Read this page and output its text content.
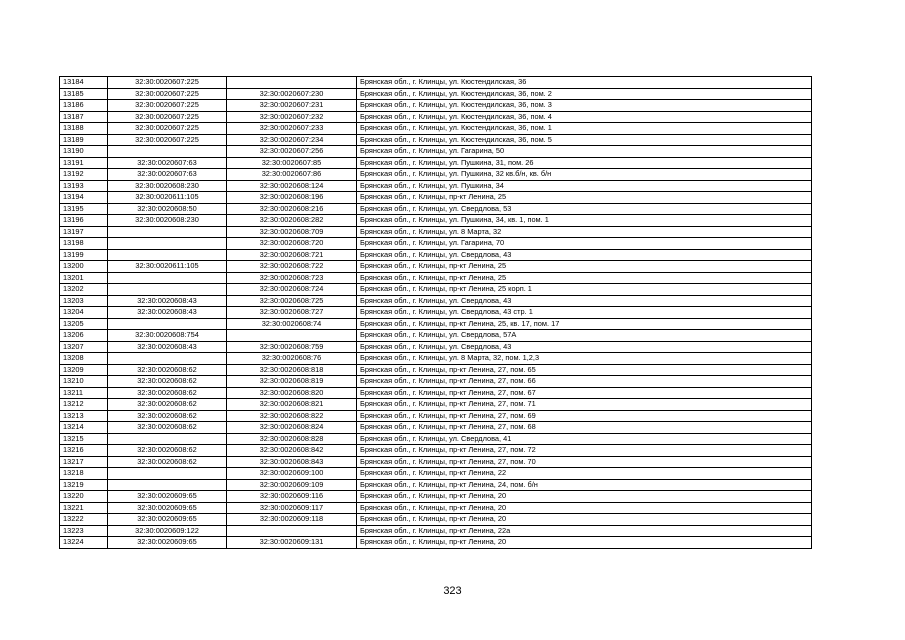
13184	32:30:0020607:225		Брянская обл., г. Клинцы, ул. Кюстендилская, 36
13185	32:30:0020607:225	32:30:0020607:230	Брянская обл., г. Клинцы, ул. Кюстендилская, 36, пом. 2
13186	32:30:0020607:225	32:30:0020607:231	Брянская обл., г. Клинцы, ул. Кюстендилская, 36, пом. 3
13187	32:30:0020607:225	32:30:0020607:232	Брянская обл., г. Клинцы, ул. Кюстендилская, 36, пом. 4
13188	32:30:0020607:225	32:30:0020607:233	Брянская обл., г. Клинцы, ул. Кюстендилская, 36, пом. 1
13189	32:30:0020607:225	32:30:0020607:234	Брянская обл., г. Клинцы, ул. Кюстендилская, 36, пом. 5
13190		32:30:0020607:256	Брянская обл., г. Клинцы, ул. Гагарина, 50
13191	32:30:0020607:63	32:30:0020607:85	Брянская обл., г. Клинцы, ул. Пушкина, 31, пом. 26
13192	32:30:0020607:63	32:30:0020607:86	Брянская обл., г. Клинцы, ул. Пушкина, 32 кв.б/н, кв. б/н
13193	32:30:0020608:230	32:30:0020608:124	Брянская обл., г. Клинцы, ул. Пушкина, 34
13194	32:30:0020611:105	32:30:0020608:196	Брянская обл., г. Клинцы, пр-кт Ленина, 25
13195	32:30:0020608:50	32:30:0020608:216	Брянская обл., г. Клинцы, ул. Свердлова, 53
13196	32:30:0020608:230	32:30:0020608:282	Брянская обл., г. Клинцы, ул. Пушкина, 34, кв. 1, пом. 1
13197		32:30:0020608:709	Брянская обл., г. Клинцы, ул. 8 Марта, 32
13198		32:30:0020608:720	Брянская обл., г. Клинцы, ул. Гагарина, 70
13199		32:30:0020608:721	Брянская обл., г. Клинцы, ул. Свердлова, 43
13200	32:30:0020611:105	32:30:0020608:722	Брянская обл., г. Клинцы, пр-кт Ленина, 25
13201		32:30:0020608:723	Брянская обл., г. Клинцы, пр-кт Ленина, 25
13202		32:30:0020608:724	Брянская обл., г. Клинцы, пр-кт Ленина, 25 корп. 1
13203	32:30:0020608:43	32:30:0020608:725	Брянская обл., г. Клинцы, ул. Свердлова, 43
13204	32:30:0020608:43	32:30:0020608:727	Брянская обл., г. Клинцы, ул. Свердлова, 43 стр. 1
13205		32:30:0020608:74	Брянская обл., г. Клинцы, пр-кт Ленина, 25, кв. 17, пом. 17
13206	32:30:0020608:754		Брянская обл., г. Клинцы, ул. Свердлова, 57А
13207	32:30:0020608:43	32:30:0020608:759	Брянская обл., г. Клинцы, ул. Свердлова, 43
13208		32:30:0020608:76	Брянская обл., г. Клинцы, ул. 8 Марта, 32, пом. 1,2,3
13209	32:30:0020608:62	32:30:0020608:818	Брянская обл., г. Клинцы, пр-кт Ленина, 27, пом. 65
13210	32:30:0020608:62	32:30:0020608:819	Брянская обл., г. Клинцы, пр-кт Ленина, 27, пом. 66
13211	32:30:0020608:62	32:30:0020608:820	Брянская обл., г. Клинцы, пр-кт Ленина, 27, пом. 67
13212	32:30:0020608:62	32:30:0020608:821	Брянская обл., г. Клинцы, пр-кт Ленина, 27, пом. 71
13213	32:30:0020608:62	32:30:0020608:822	Брянская обл., г. Клинцы, пр-кт Ленина, 27, пом. 69
13214	32:30:0020608:62	32:30:0020608:824	Брянская обл., г. Клинцы, пр-кт Ленина, 27, пом. 68
13215		32:30:0020608:828	Брянская обл., г. Клинцы, ул. Свердлова, 41
13216	32:30:0020608:62	32:30:0020608:842	Брянская обл., г. Клинцы, пр-кт Ленина, 27, пом. 72
13217	32:30:0020608:62	32:30:0020608:843	Брянская обл., г. Клинцы, пр-кт Ленина, 27, пом. 70
13218		32:30:0020609:100	Брянская обл., г. Клинцы, пр-кт Ленина, 22
13219		32:30:0020609:109	Брянская обл., г. Клинцы, пр-кт Ленина, 24, пом. б/н
13220	32:30:0020609:65	32:30:0020609:116	Брянская обл., г. Клинцы, пр-кт Ленина, 20
13221	32:30:0020609:65	32:30:0020609:117	Брянская обл., г. Клинцы, пр-кт Ленина, 20
13222	32:30:0020609:65	32:30:0020609:118	Брянская обл., г. Клинцы, пр-кт Ленина, 20
13223	32:30:0020609:122		Брянская обл., г. Клинцы, пр-кт Ленина, 22а
13224	32:30:0020609:65	32:30:0020609:131	Брянская обл., г. Клинцы, пр-кт Ленина, 20
323
